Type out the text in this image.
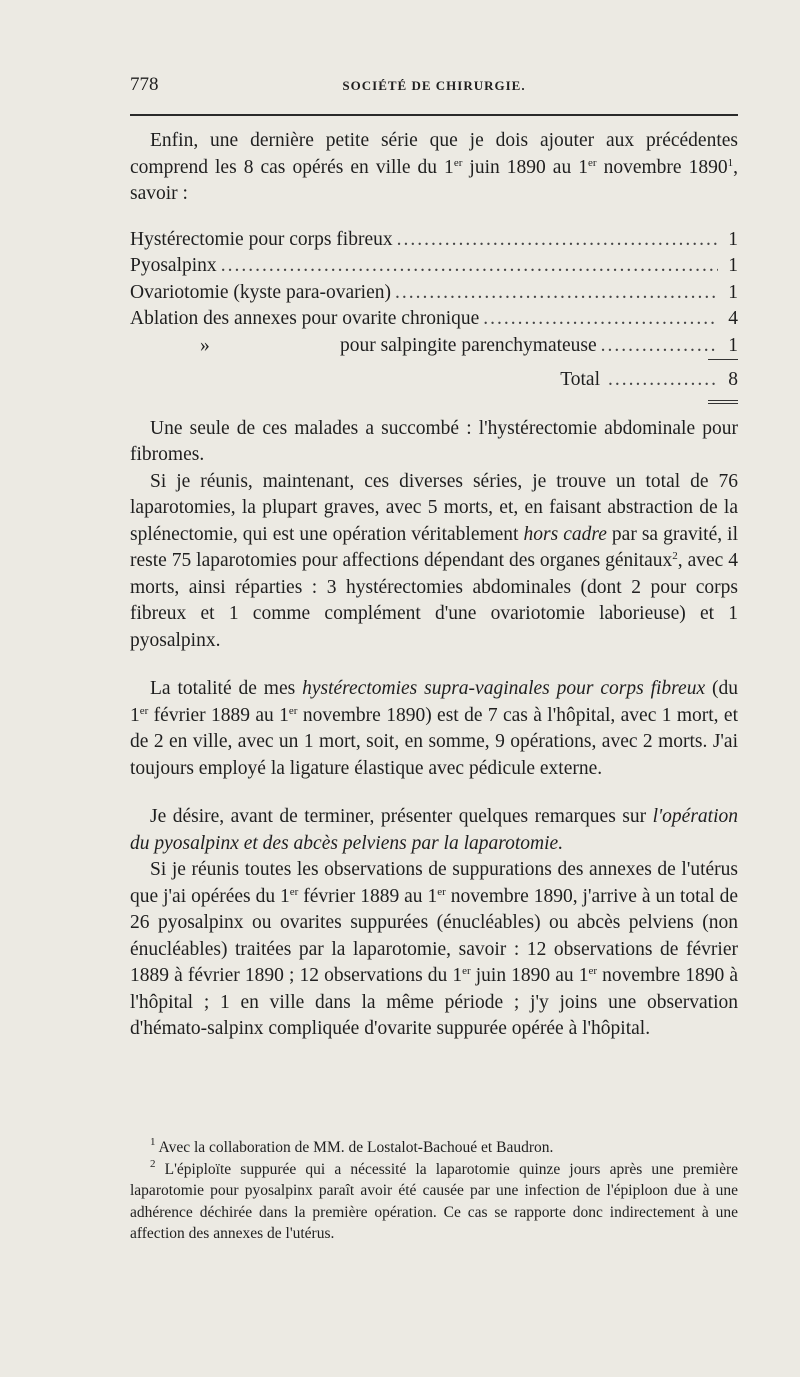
778	SOCIÉTÉ DE CHIRURGIE.

Enfin, une dernière petite série que je dois ajouter aux précédentes comprend les 8 cas opérés en ville du 1er juin 1890 au 1er novembre 1890$^1$, savoir :

Hystérectomie pour corps fibreux .....	1
Pyosalpinx .....	1
Ovariotomie (kyste para-ovarien) .....	1
Ablation des annexes pour ovarite chronique .....	4
»	pour salpingite parenchymateuse .....	1
Total .....	8

Une seule de ces malades a succombé : l'hystérectomie abdominale pour fibromes.

Si je réunis, maintenant, ces diverses séries, je trouve un total de 76 laparotomies, la plupart graves, avec 5 morts, et, en faisant abstraction de la splénectomie, qui est une opération véritablement hors cadre par sa gravité, il reste 75 laparotomies pour affections dépendant des organes génitaux$^2$, avec 4 morts, ainsi réparties : 3 hystérectomies abdominales (dont 2 pour corps fibreux et 1 comme complément d'une ovariotomie laborieuse) et 1 pyosalpinx.

La totalité de mes hystérectomies supra-vaginales pour corps fibreux (du 1er février 1889 au 1er novembre 1890) est de 7 cas à l'hôpital, avec 1 mort, et de 2 en ville, avec un 1 mort, soit, en somme, 9 opérations, avec 2 morts. J'ai toujours employé la ligature élastique avec pédicule externe.

Je désire, avant de terminer, présenter quelques remarques sur l'opération du pyosalpinx et des abcès pelviens par la laparotomie.

Si je réunis toutes les observations de suppurations des annexes de l'utérus que j'ai opérées du 1er février 1889 au 1er novembre 1890, j'arrive à un total de 26 pyosalpinx ou ovarites suppurées (énucléables) ou abcès pelviens (non énucléables) traitées par la laparotomie, savoir : 12 observations de février 1889 à février 1890 ; 12 observations du 1er juin 1890 au 1er novembre 1890 à l'hôpital ; 1 en ville dans la même période ; j'y joins une observation d'hémato-salpinx compliquée d'ovarite suppurée opérée à l'hôpital.

$^1$ Avec la collaboration de MM. de Lostalot-Bachoué et Baudron.

$^2$ L'épiploïte suppurée qui a nécessité la laparotomie quinze jours après une première laparotomie pour pyosalpinx paraît avoir été causée par une infection de l'épiploon due à une adhérence déchirée dans la première opération. Ce cas se rapporte donc indirectement à une affection des annexes de l'utérus.
